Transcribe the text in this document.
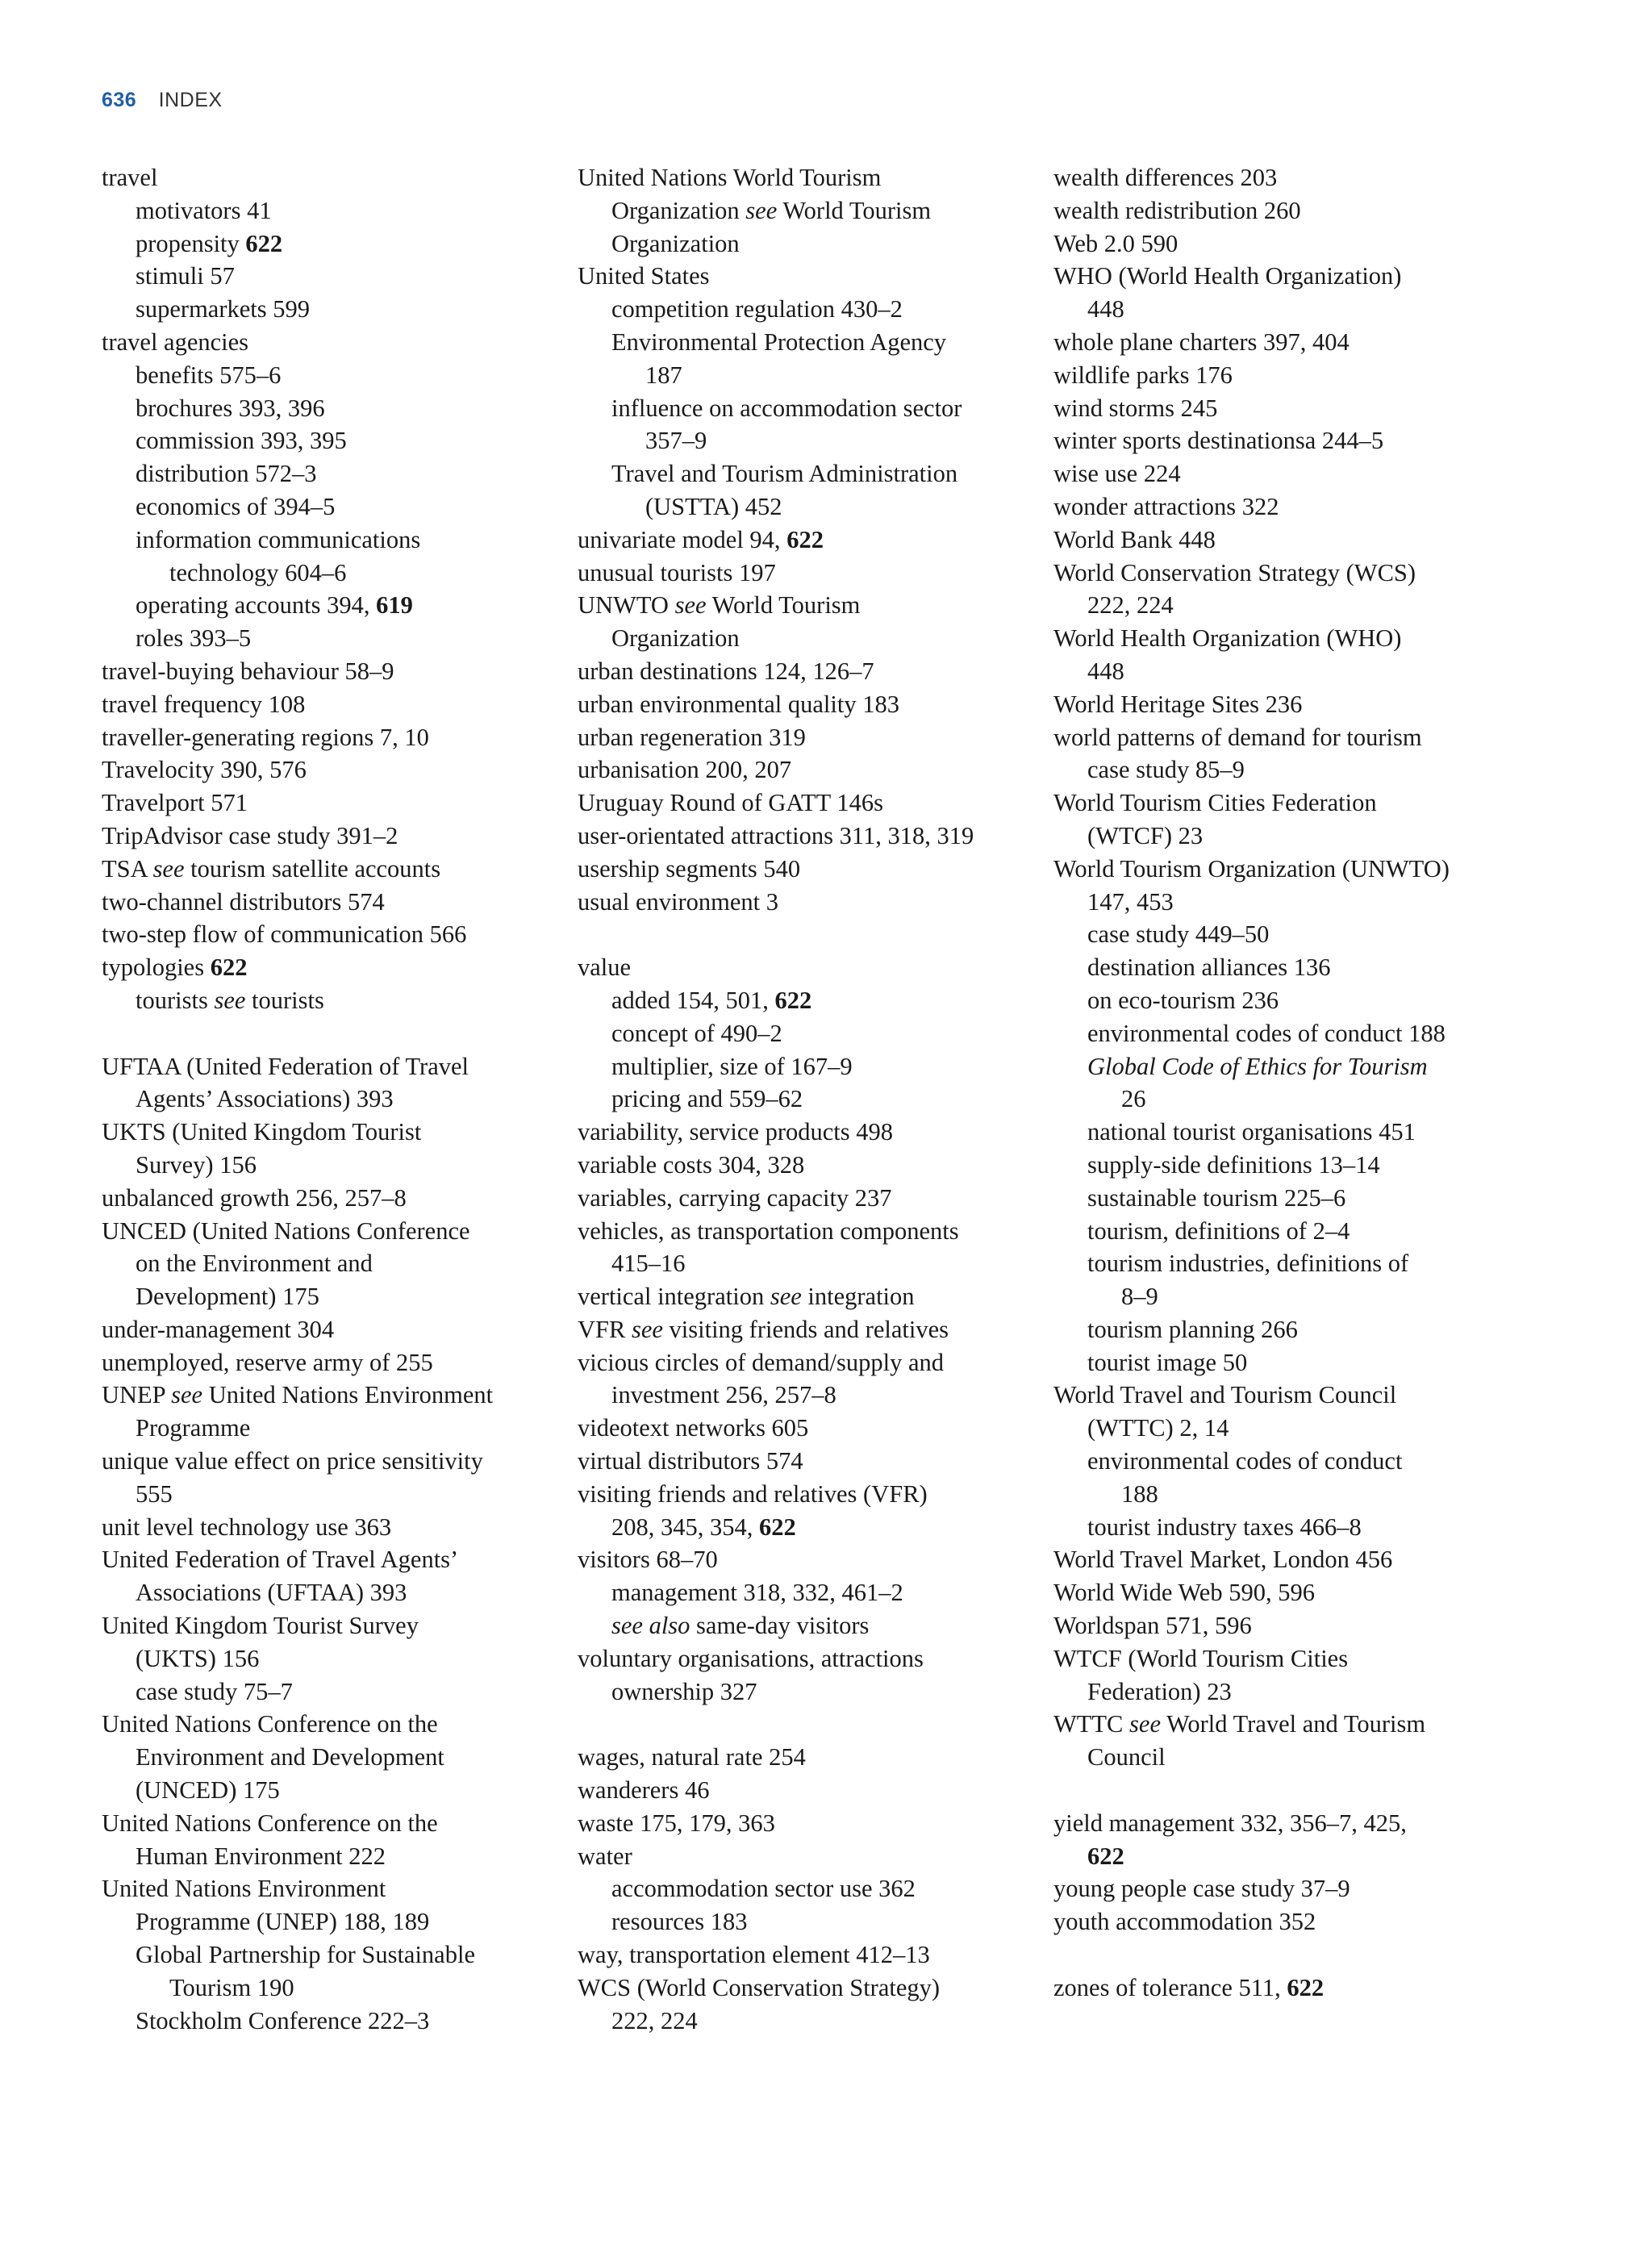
636 INDEX
travel
motivators 41
propensity 622
stimuli 57
supermarkets 599
travel agencies
benefits 575–6
brochures 393, 396
commission 393, 395
distribution 572–3
economics of 394–5
information communications
technology 604–6
operating accounts 394, 619
roles 393–5
travel-buying behaviour 58–9
travel frequency 108
traveller-generating regions 7, 10
Travelocity 390, 576
Travelport 571
TripAdvisor case study 391–2
TSA see tourism satellite accounts
two-channel distributors 574
two-step flow of communication 566
typologies 622
tourists see tourists
UFTAA (United Federation of Travel
Agents’ Associations) 393
UKTS (United Kingdom Tourist
Survey) 156
unbalanced growth 256, 257–8
UNCED (United Nations Conference
on the Environment and
Development) 175
under-management 304
unemployed, reserve army of 255
UNEP see United Nations Environment
Programme
unique value effect on price sensitivity
555
unit level technology use 363
United Federation of Travel Agents’
Associations (UFTAA) 393
United Kingdom Tourist Survey
(UKTS) 156
case study 75–7
United Nations Conference on the
Environment and Development
(UNCED) 175
United Nations Conference on the
Human Environment 222
United Nations Environment
Programme (UNEP) 188, 189
Global Partnership for Sustainable
Tourism 190
Stockholm Conference 222–3
United Nations World Tourism
Organization see World Tourism
Organization
United States
competition regulation 430–2
Environmental Protection Agency
187
influence on accommodation sector
357–9
Travel and Tourism Administration
(USTTA) 452
univariate model 94, 622
unusual tourists 197
UNWTO see World Tourism
Organization
urban destinations 124, 126–7
urban environmental quality 183
urban regeneration 319
urbanisation 200, 207
Uruguay Round of GATT 146s
user-orientated attractions 311, 318, 319
usership segments 540
usual environment 3
value
added 154, 501, 622
concept of 490–2
multiplier, size of 167–9
pricing and 559–62
variability, service products 498
variable costs 304, 328
variables, carrying capacity 237
vehicles, as transportation components
415–16
vertical integration see integration
VFR see visiting friends and relatives
vicious circles of demand/supply and
investment 256, 257–8
videotext networks 605
virtual distributors 574
visiting friends and relatives (VFR)
208, 345, 354, 622
visitors 68–70
management 318, 332, 461–2
see also same-day visitors
voluntary organisations, attractions
ownership 327
wages, natural rate 254
wanderers 46
waste 175, 179, 363
water
accommodation sector use 362
resources 183
way, transportation element 412–13
WCS (World Conservation Strategy)
222, 224
wealth differences 203
wealth redistribution 260
Web 2.0 590
WHO (World Health Organization)
448
whole plane charters 397, 404
wildlife parks 176
wind storms 245
winter sports destinationsa 244–5
wise use 224
wonder attractions 322
World Bank 448
World Conservation Strategy (WCS)
222, 224
World Health Organization (WHO)
448
World Heritage Sites 236
world patterns of demand for tourism
case study 85–9
World Tourism Cities Federation
(WTCF) 23
World Tourism Organization (UNWTO)
147, 453
case study 449–50
destination alliances 136
on eco-tourism 236
environmental codes of conduct 188
Global Code of Ethics for Tourism
26
national tourist organisations 451
supply-side definitions 13–14
sustainable tourism 225–6
tourism, definitions of 2–4
tourism industries, definitions of
8–9
tourism planning 266
tourist image 50
World Travel and Tourism Council
(WTTC) 2, 14
environmental codes of conduct
188
tourist industry taxes 466–8
World Travel Market, London 456
World Wide Web 590, 596
Worldspan 571, 596
WTCF (World Tourism Cities
Federation) 23
WTTC see World Travel and Tourism
Council
yield management 332, 356–7, 425,
622
young people case study 37–9
youth accommodation 352
zones of tolerance 511, 622
